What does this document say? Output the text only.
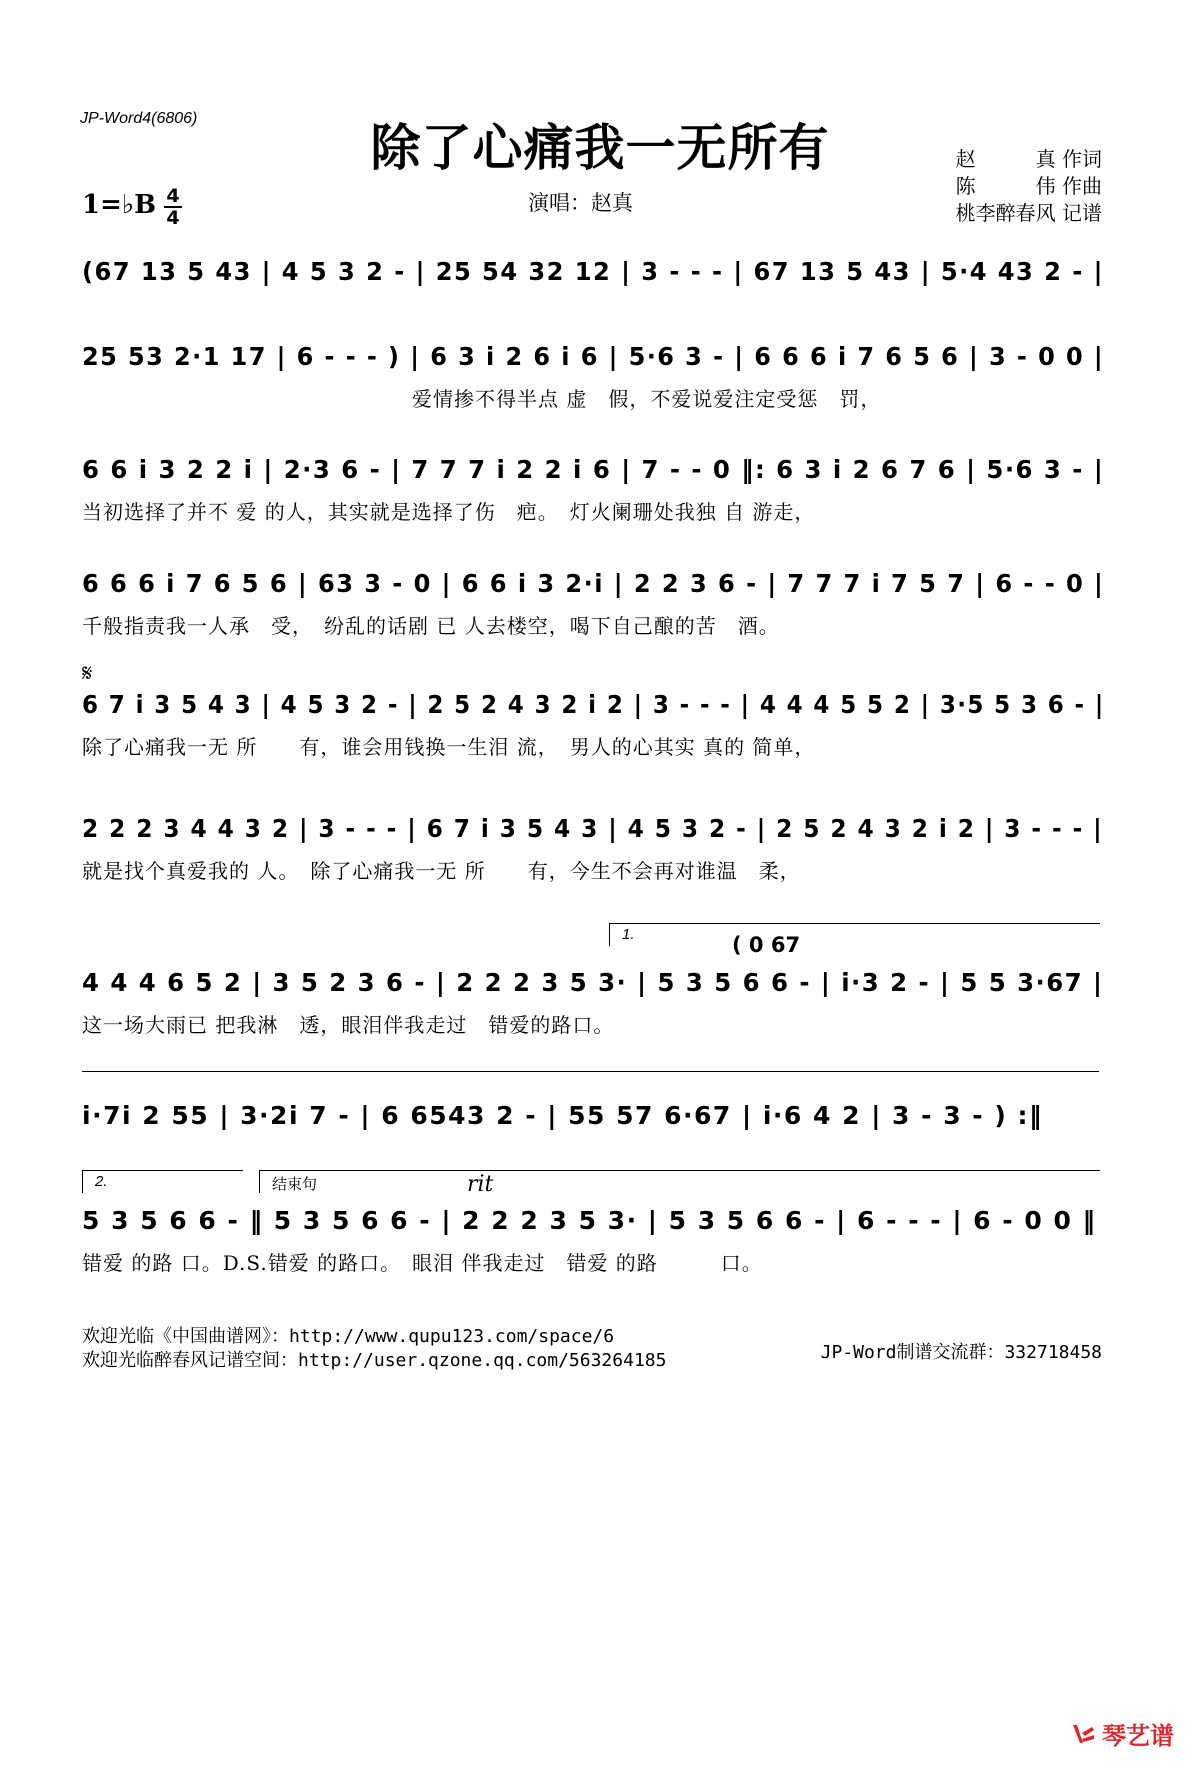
JP-Word4(6806)	除了心痛我一无所有	赵　　　真 作词
陈　　　伟 作曲
桃李醉春风 记谱
1=♭B 4
4
演唱：赵真
(67 13 5 43 | 4 5 3 2 - | 25 54 32 12 | 3 - - - | 67 13 5 43 | 5·4 43 2 - |
25 53 2·1 17 | 6 - - - ) | 6 3 i 2 6 i 6 | 5·6 3 - | 6 6 6 i 7 6 5 6 | 3 - 0 0 |
爱情掺不得半点 虚　假，不爱说爱注定受惩　罚，
6 6 i 3 2 2 i | 2·3 6 - | 7 7 7 i 2 2 i 6 | 7 - - 0 ‖: 6 3 i 2 6 7 6 | 5·6 3 - |
当初选择了并不 爱 的人，其实就是选择了伤　疤。　灯火阑珊处我独 自 游走，
6 6 6 i 7 6 5 6 | 63 3 - 0 | 6 6 i 3 2·i | 2 2 3 6 - | 7 7 7 i 7 5 7 | 6 - - 0 |
千般指责我一人承　受，　纷乱的话剧 已 人去楼空，喝下自己酿的苦　酒。
𝄋
6 7 i 3 5 4 3 | 4 5 3 2 - | 2 5 2 4 3 2 i 2 | 3 - - - | 4 4 4 5 5 2 | 3·5 5 3 6 - |
除了心痛我一无 所　　有，谁会用钱换一生泪 流，　男人的心其实 真的 简单，
2 2 2 3 4 4 3 2 | 3 - - - | 6 7 i 3 5 4 3 | 4 5 3 2 - | 2 5 2 4 3 2 i 2 | 3 - - - |
就是找个真爱我的 人。　除了心痛我一无 所　　有，今生不会再对谁温　柔，
1.	( 0 67
4 4 4 6 5 2 | 3 5 2 3 6 - | 2 2 2 3 5 3· | 5 3 5 6 6 - | i·3 2 - | 5 5 3·67 |
这一场大雨已 把我淋　透，眼泪伴我走过　错爱的路口。
i·7i 2 55 | 3·2i 7 - | 6 6543 2 - | 55 57 6·67 | i·6 4 2 | 3 - 3 - ) :‖
2.	结束句	rit
5 3 5 6 6 - ‖ 5 3 5 6 6 - | 2 2 2 3 5 3· | 5 3 5 6 6 - | 6 - - - | 6 - 0 0 ‖
错爱 的路 口。D.S.错爱 的路口。　眼泪 伴我走过　错爱 的路　　　口。
欢迎光临《中国曲谱网》：http://www.qupu123.com/space/6
欢迎光临醉春风记谱空间：http://user.qzone.qq.com/563264185	JP-Word制谱交流群：332718458
琴艺谱
